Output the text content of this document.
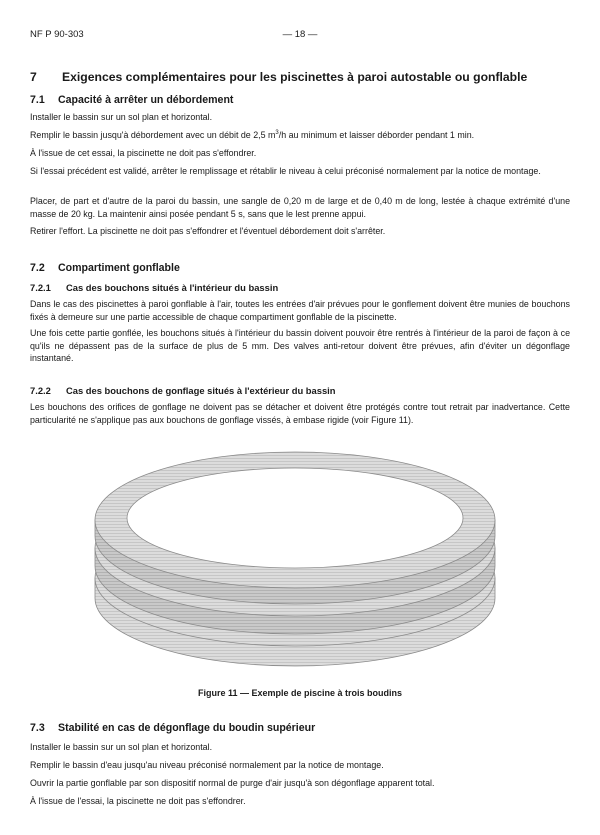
NF P 90-303	— 18 —
7 Exigences complémentaires pour les piscinettes à paroi autostable ou gonflable
7.1 Capacité à arrêter un débordement
Installer le bassin sur un sol plan et horizontal.
Remplir le bassin jusqu'à débordement avec un débit de 2,5 $m^3/h$ au minimum et laisser déborder pendant 1 min.
À l'issue de cet essai, la piscinette ne doit pas s'effondrer.
Si l'essai précédent est validé, arrêter le remplissage et rétablir le niveau à celui préconisé normalement par la notice de montage.
Placer, de part et d'autre de la paroi du bassin, une sangle de 0,20 m de large et de 0,40 m de long, lestée à chaque extrémité d'une masse de 20 kg. La maintenir ainsi posée pendant 5 s, sans que le lest prenne appui.
Retirer l'effort. La piscinette ne doit pas s'effondrer et l'éventuel débordement doit s'arrêter.
7.2 Compartiment gonflable
7.2.1 Cas des bouchons situés à l'intérieur du bassin
Dans le cas des piscinettes à paroi gonflable à l'air, toutes les entrées d'air prévues pour le gonflement doivent être munies de bouchons fixés à demeure sur une partie accessible de chaque compartiment gonflable de la piscinette.
Une fois cette partie gonflée, les bouchons situés à l'intérieur du bassin doivent pouvoir être rentrés à l'intérieur de la paroi de façon à ce qu'ils ne dépassent pas de la surface de plus de 5 mm. Des valves anti-retour doivent être prévues, afin d'éviter un dégonflage instantané.
7.2.2 Cas des bouchons de gonflage situés à l'extérieur du bassin
Les bouchons des orifices de gonflage ne doivent pas se détacher et doivent être protégés contre tout retrait par inadvertance. Cette particularité ne s'applique pas aux bouchons de gonflage vissés, à embase rigide (voir Figure 11).
Figure 11 — Exemple de piscine à trois boudins
7.3 Stabilité en cas de dégonflage du boudin supérieur
Installer le bassin sur un sol plan et horizontal.
Remplir le bassin d'eau jusqu'au niveau préconisé normalement par la notice de montage.
Ouvrir la partie gonflable par son dispositif normal de purge d'air jusqu'à son dégonflage apparent total.
À l'issue de l'essai, la piscinette ne doit pas s'effondrer.
